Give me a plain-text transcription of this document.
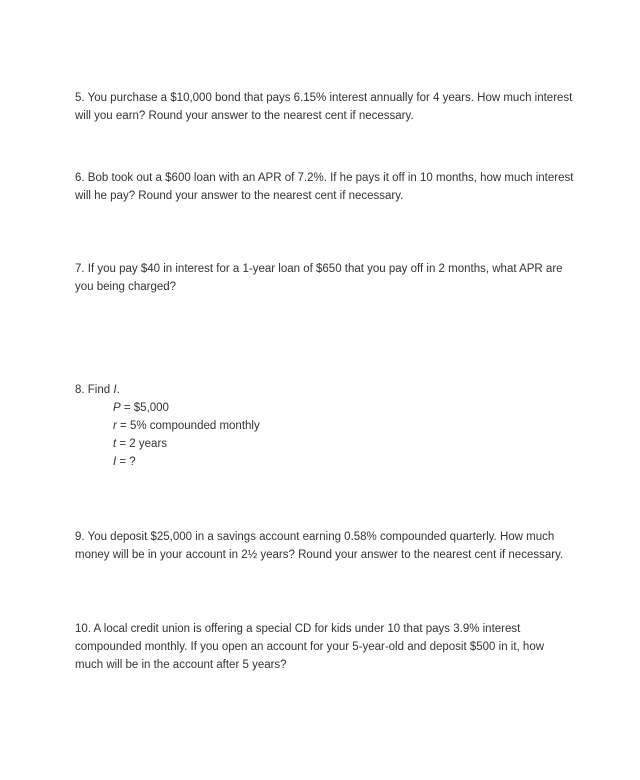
5. You purchase a $10,000 bond that pays 6.15% interest annually for 4 years. How much interest will you earn? Round your answer to the nearest cent if necessary.

6. Bob took out a $600 loan with an APR of 7.2%. If he pays it off in 10 months, how much interest will he pay? Round your answer to the nearest cent if necessary.

7. If you pay $40 in interest for a 1-year loan of $650 that you pay off in 2 months, what APR are you being charged?

8. Find I.

P = $5,000
r = 5% compounded monthly
t = 2 years
I = ?

9. You deposit $25,000 in a savings account earning 0.58% compounded quarterly. How much money will be in your account in 2½ years? Round your answer to the nearest cent if necessary.

10. A local credit union is offering a special CD for kids under 10 that pays 3.9% interest compounded monthly. If you open an account for your 5-year-old and deposit $500 in it, how much will be in the account after 5 years?
